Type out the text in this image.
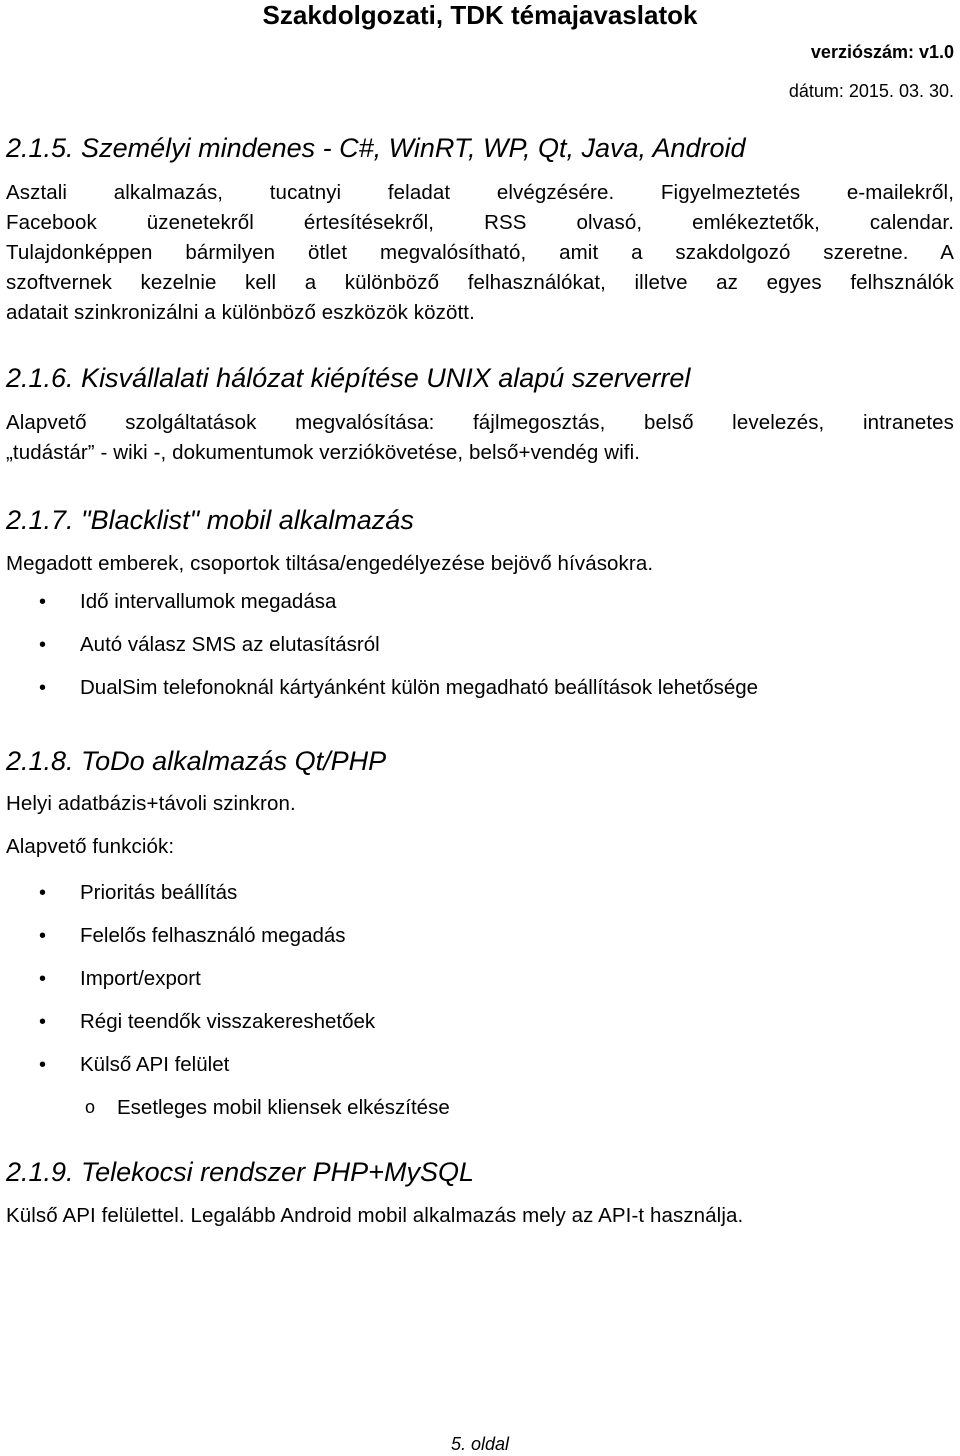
Szakdolgozati, TDK témajavaslatok
verziószám: v1.0
dátum: 2015. 03. 30.
2.1.5. Személyi mindenes - C#, WinRT, WP, Qt, Java, Android
Asztali alkalmazás, tucatnyi feladat elvégzésére. Figyelmeztetés e-mailekről,
Facebook üzenetekről értesítésekről, RSS olvasó, emlékeztetők, calendar.
Tulajdonképpen bármilyen ötlet megvalósítható, amit a szakdolgozó szeretne. A
szoftvernek kezelnie kell a különböző felhasználókat, illetve az egyes felhsználók
adatait szinkronizálni a különböző eszközök között.
2.1.6. Kisvállalati hálózat kiépítése UNIX alapú szerverrel
Alapvető szolgáltatások megvalósítása: fájlmegosztás, belső levelezés, intranetes
„tudástár” - wiki -, dokumentumok verziókövetése, belső+vendég wifi.
2.1.7. "Blacklist" mobil alkalmazás
Megadott emberek, csoportok tiltása/engedélyezése bejövő hívásokra.
• Idő intervallumok megadása
• Autó válasz SMS az elutasításról
• DualSim telefonoknál kártyánként külön megadható beállítások lehetősége
2.1.8. ToDo alkalmazás Qt/PHP
Helyi adatbázis+távoli szinkron.
Alapvető funkciók:
• Prioritás beállítás
• Felelős felhasználó megadás
• Import/export
• Régi teendők visszakereshetőek
• Külső API felület
o Esetleges mobil kliensek elkészítése
2.1.9. Telekocsi rendszer PHP+MySQL
Külső API felülettel. Legalább Android mobil alkalmazás mely az API-t használja.
5. oldal
